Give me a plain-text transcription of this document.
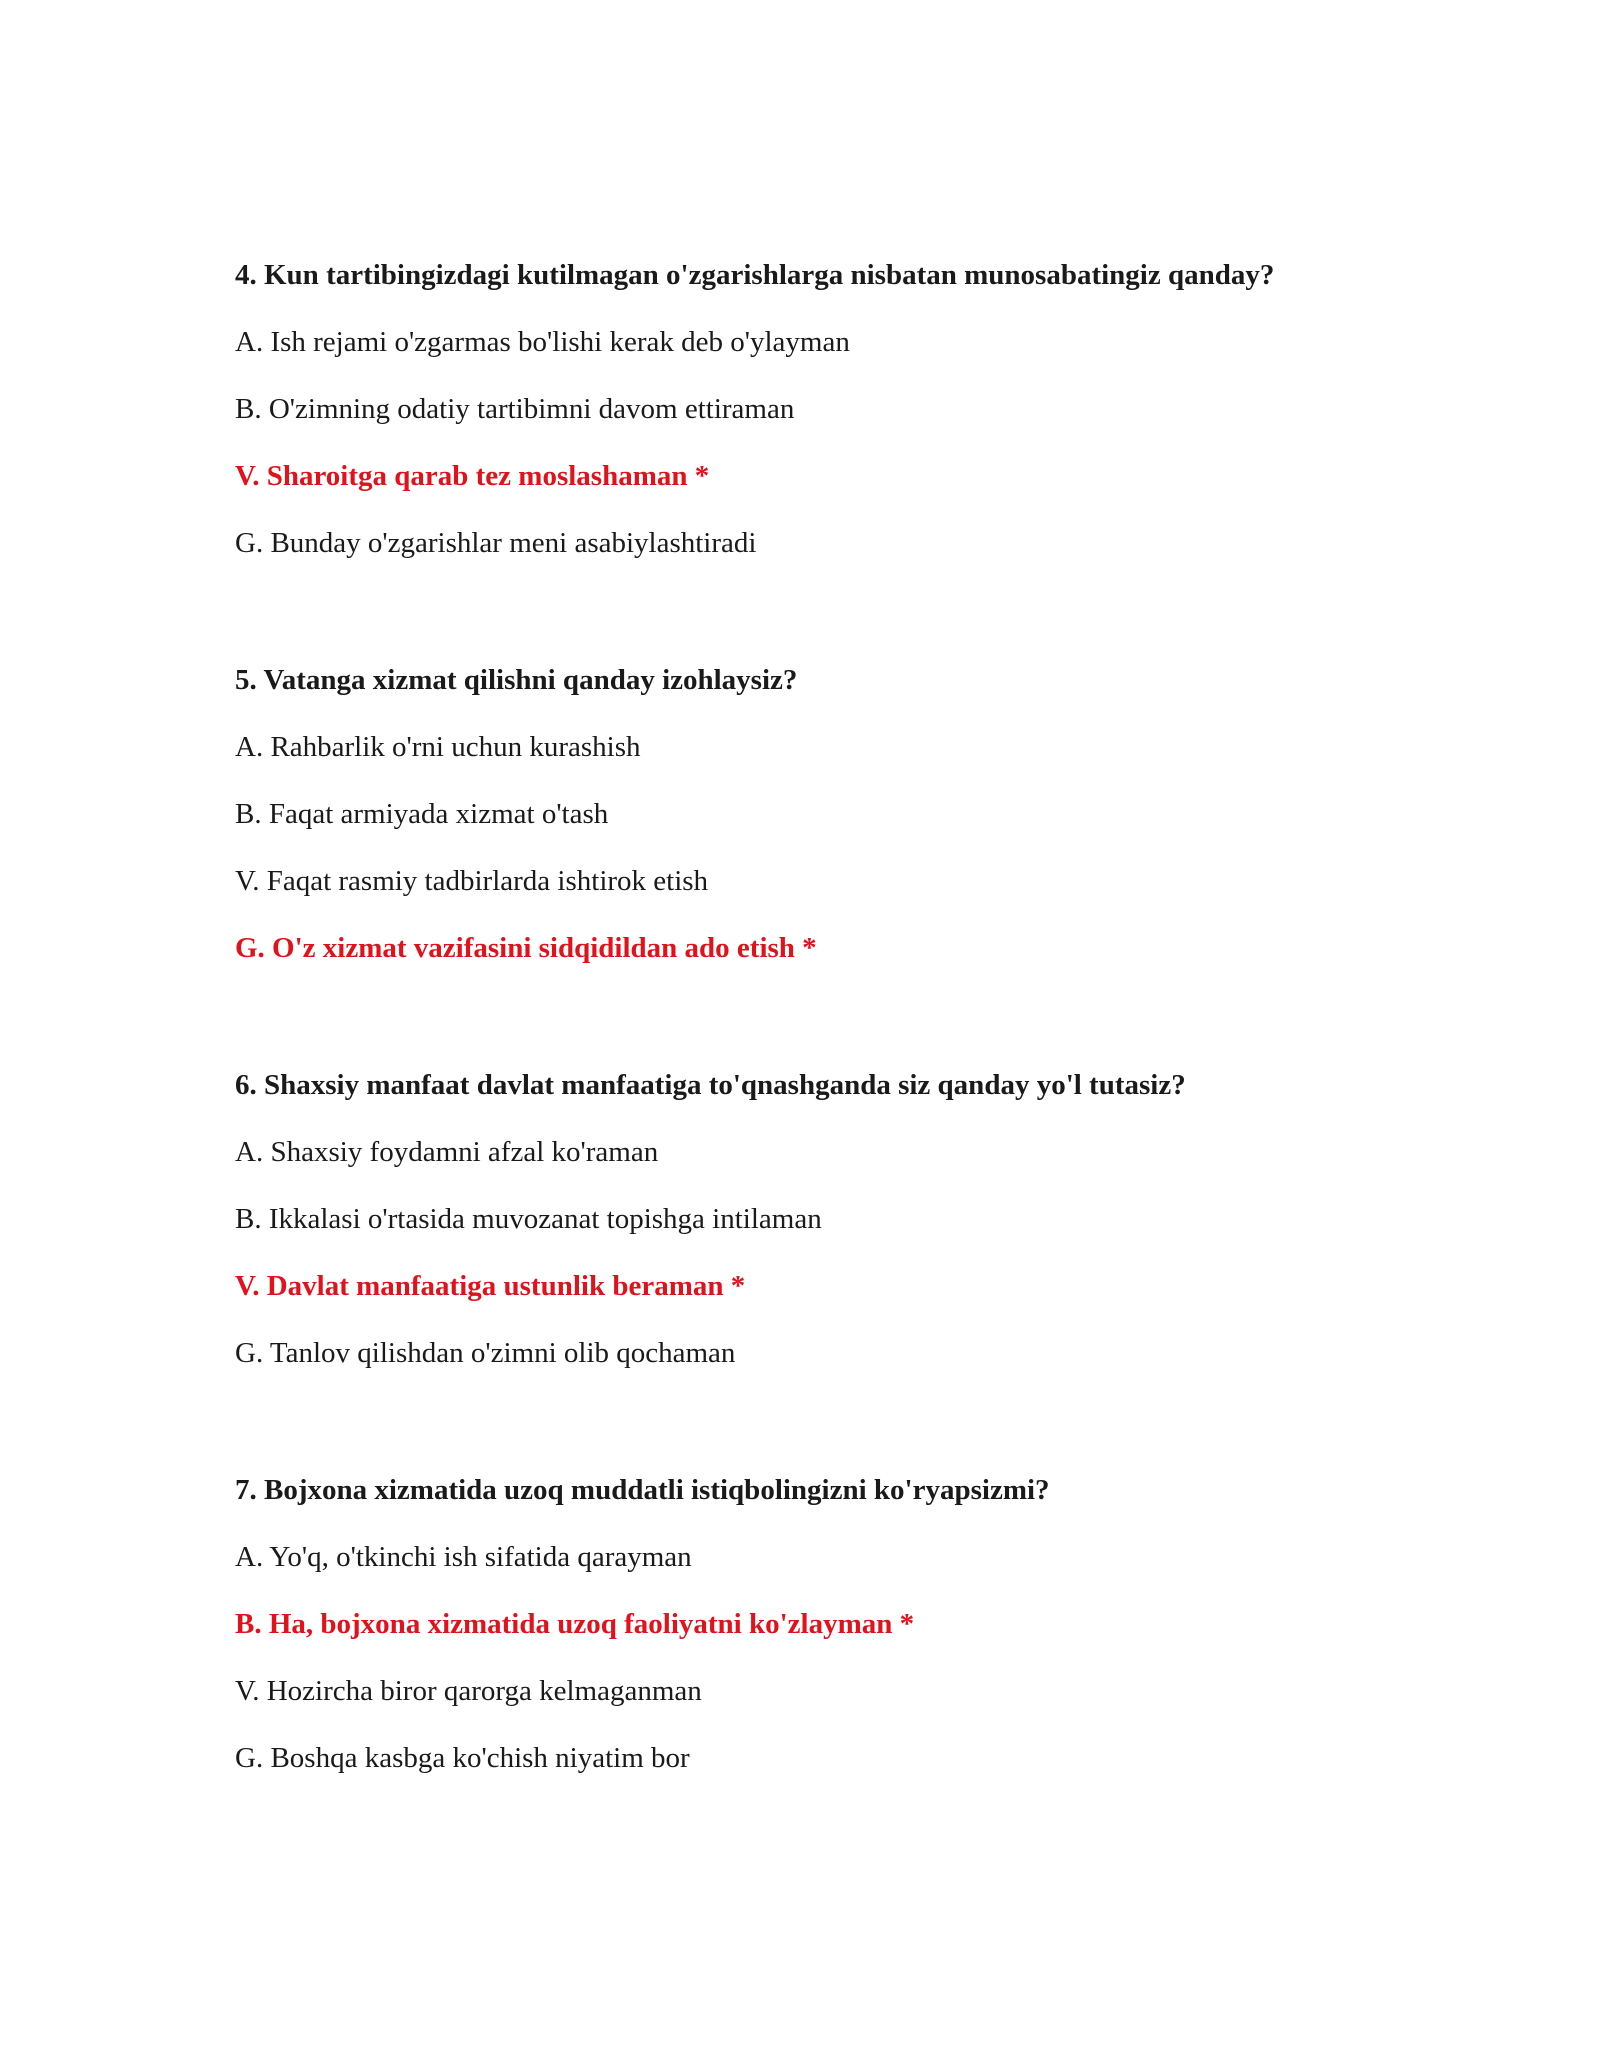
4. Kun tartibingizdagi kutilmagan o'zgarishlarga nisbatan munosabatingiz qanday?

A. Ish rejami o'zgarmas bo'lishi kerak deb o'ylayman

B. O'zimning odatiy tartibimni davom ettiraman

V. Sharoitga qarab tez moslashaman *

G. Bunday o'zgarishlar meni asabiylashtiradi

5. Vatanga xizmat qilishni qanday izohlaysiz?

A. Rahbarlik o'rni uchun kurashish

B. Faqat armiyada xizmat o'tash

V. Faqat rasmiy tadbirlarda ishtirok etish

G. O'z xizmat vazifasini sidqidildan ado etish *

6. Shaxsiy manfaat davlat manfaatiga to'qnashganda siz qanday yo'l tutasiz?

A. Shaxsiy foydamni afzal ko'raman

B. Ikkalasi o'rtasida muvozanat topishga intilaman

V. Davlat manfaatiga ustunlik beraman *

G. Tanlov qilishdan o'zimni olib qochaman

7. Bojxona xizmatida uzoq muddatli istiqbolingizni ko'ryapsizmi?

A. Yo'q, o'tkinchi ish sifatida qarayman

B. Ha, bojxona xizmatida uzoq faoliyatni ko'zlayman *

V. Hozircha biror qarorga kelmaganman

G. Boshqa kasbga ko'chish niyatim bor
